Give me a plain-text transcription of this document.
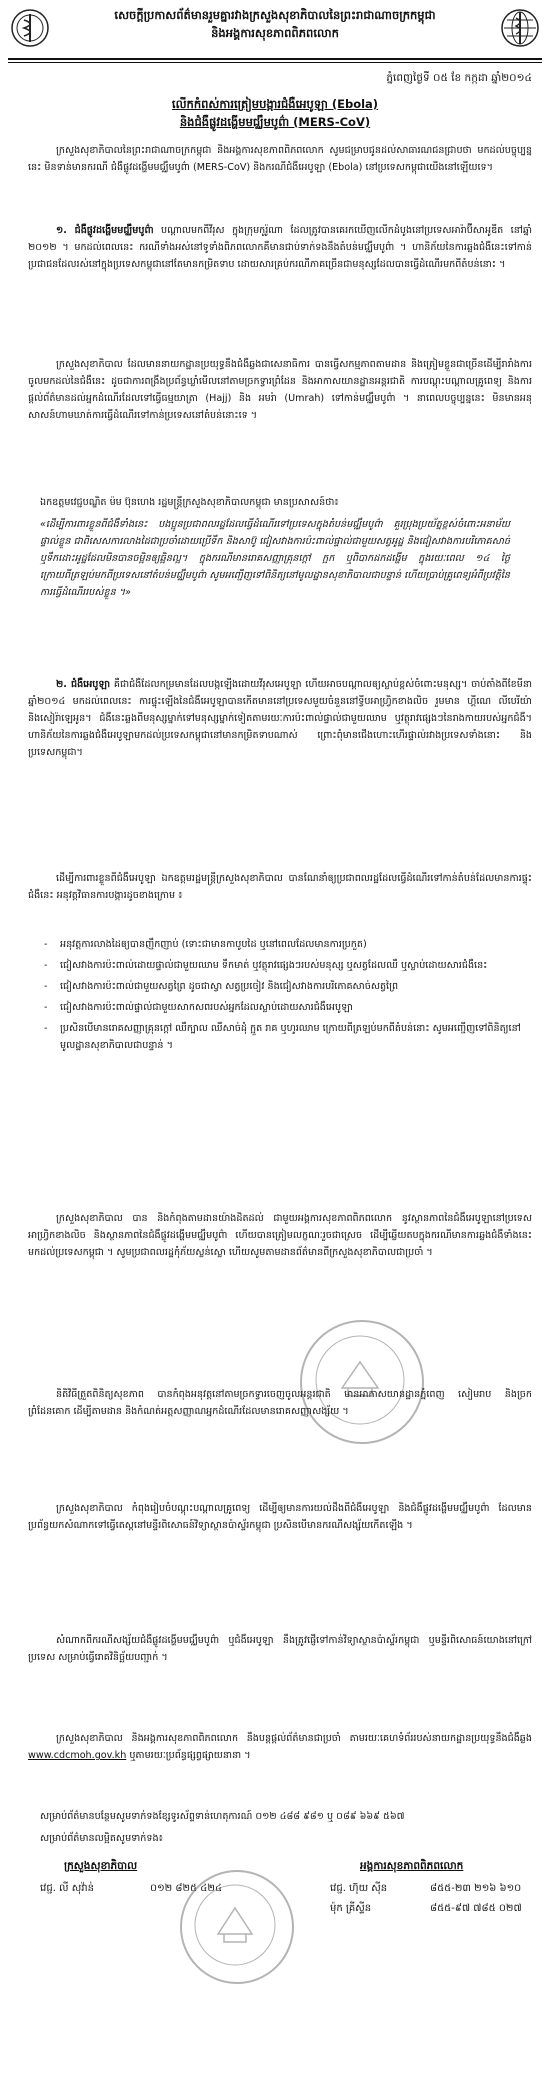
សេចក្ដីប្រកាសព័ត៌មានរួមគ្នារវាងក្រសួងសុខាភិបាលនៃព្រះរាជាណាចក្រកម្ពុជា
និងអង្គការសុខភាពពិភពលោក
ភ្នំពេញថ្ងៃទី ០៥ ខែ កក្កដា ឆ្នាំ២០១៤
លើកកំពស់ការត្រៀមបង្ការជំងឺអេបូឡា (Ebola)
និងជំងឺផ្លូវដង្ហើមមជ្ឈឹមបូព៌ា (MERS-CoV)
ក្រសួងសុខាភិបាលនៃព្រះរាជាណាចក្រកម្ពុជា និងអង្គការសុខភាពពិភពលោក សូមជម្រាបជូនដល់សាធារណជនជ្រាបថា មកដល់បច្ចុប្បន្ននេះ មិនទាន់មានករណី ជំងឺផ្លូវដង្ហើមមជ្ឈឹមបូព៌ា (MERS-CoV) និងករណីជំងឺអេបូឡា (Ebola) នៅប្រទេសកម្ពុជាយើងនៅឡើយទេ។
១. ជំងឺផ្លូវដង្ហើមមជ្ឈឹមបូព៌ា បណ្ដាលមកពីវីរុស ក្នុងក្រុមកូរ៉ូណា ដែលត្រូវបានគេរកឃើញលើកដំបូងនៅប្រទេសអារ៉ាប៊ីសាអូឌីត នៅឆ្នាំ ២០១២ ។ មកដល់ពេលនេះ ករណីទាំងអស់នៅទូទាំងពិភពលោកគឺមានជាប់ទាក់ទងនឹងតំបន់មជ្ឈឹមបូព៌ា ។ ហានិភ័យនៃការឆ្លងជំងឺនេះទៅកាន់ប្រជាជនដែលរស់នៅក្នុងប្រទេសកម្ពុជានៅតែមានកម្រិតទាប ដោយសារគ្រប់ករណីភាគច្រើនជាមនុស្សដែលបានធ្វើដំណើរមកពីតំបន់នោះ ។
ក្រសួងសុខាភិបាល ដែលមាននាយកដ្ឋានប្រយុទ្ធនឹងជំងឺឆ្លងជាសេនាធិការ បានធ្វើសកម្មភាពតាមដាន និងត្រៀមខ្លួនជាច្រើនដើម្បីរារាំងការចូលមកដល់នៃជំងឺនេះ ដូចជាការពង្រឹងប្រព័ន្ធឃ្លាំមើលនៅតាមច្រកទ្វារព្រំដែន និងអាកាសយានដ្ឋានអន្តរជាតិ ការបណ្ដុះបណ្ដាលគ្រូពេទ្យ និងការផ្ដល់ព័ត៌មានដល់អ្នកដំណើរដែលទៅធ្វើធម្មយាត្រា (Hajj) និង អមរ៉ា (Umrah) ទៅកាន់មជ្ឈឹមបូព៌ា ។ នាពេលបច្ចុប្បន្ននេះ មិនមានអនុសាសន៍ហាមឃាត់ការធ្វើដំណើរទៅកាន់ប្រទេសនៅតំបន់នោះទេ ។
ឯកឧត្តមវេជ្ជបណ្ឌិត ម៉ម ប៊ុនហេង រដ្ឋមន្ត្រីក្រសួងសុខាភិបាលកម្ពុជា មានប្រសាសន៍ថា៖
«ដើម្បីការពារខ្លួនពីជំងឺទាំងនេះ បងប្អូនប្រជាពលរដ្ឋដែលធ្វើដំណើរទៅប្រទេសក្នុងតំបន់មជ្ឈឹមបូព៌ា គួរប្រុងប្រយ័ត្នខ្ពស់ចំពោះអនាម័យផ្ទាល់ខ្លួន ជាពិសេសការលាងដៃជាប្រចាំដោយប្រើទឹក និងសាប៊ូ ជៀសវាងការប៉ះពាល់ផ្ទាល់ជាមួយសត្វអូដ្ឋ និងជៀសវាងការបរិភោគសាច់ ឬទឹកដោះអូដ្ឋដែលមិនបានចម្អិនឲ្យឆ្អិនល្អ។ ក្នុងករណីមានរោគសញ្ញាគ្រុនក្ដៅ ក្អក ឬពិបាកដកដង្ហើម ក្នុងរយៈពេល ១៤ ថ្ងៃ ក្រោយពីត្រឡប់មកពីប្រទេសនៅតំបន់មជ្ឈឹមបូព៌ា សូមអញ្ជើញទៅពិនិត្យនៅមូលដ្ឋានសុខាភិបាលជាបន្ទាន់ ហើយប្រាប់គ្រូពេទ្យអំពីប្រវត្តិនៃការធ្វើដំណើររបស់ខ្លួន ។»
២. ជំងឺអេបូឡា គឺជាជំងឺដែលកម្រមានដែលបង្កឡើងដោយវីរុសអេបូឡា ហើយអាចបណ្ដាលឲ្យស្លាប់ខ្ពស់ចំពោះមនុស្ស។ ចាប់តាំងពីខែមីនា ឆ្នាំ២០១៤ មកដល់ពេលនេះ ការផ្ទុះឡើងនៃជំងឺអេបូឡាបានកើតមាននៅប្រទេសមួយចំនួននៅទ្វីបអាហ្វ្រិកខាងលិច រួមមាន ហ្គីណេ លីបេរីយ៉ា និងសៀរ៉ាឡេអូន។ ជំងឺនេះឆ្លងពីមនុស្សម្នាក់ទៅមនុស្សម្នាក់ទៀតតាមរយៈការប៉ះពាល់ផ្ទាល់ជាមួយឈាម ឬវត្ថុរាវផ្សេងៗនៃរាងកាយរបស់អ្នកជំងឺ។ ហានិភ័យនៃការឆ្លងជំងឺអេបូឡាមកដល់ប្រទេសកម្ពុជានៅមានកម្រិតទាបណាស់ ព្រោះពុំមានជើងហោះហើរផ្ទាល់រវាងប្រទេសទាំងនោះ និងប្រទេសកម្ពុជា។
ដើម្បីការពារខ្លួនពីជំងឺអេបូឡា ឯកឧត្តមរដ្ឋមន្ត្រីក្រសួងសុខាភិបាល បានណែនាំឲ្យប្រជាពលរដ្ឋដែលធ្វើដំណើរទៅកាន់តំបន់ដែលមានការផ្ទុះជំងឺនេះ អនុវត្តវិធានការបង្ការដូចខាងក្រោម ៖
- អនុវត្តការលាងដៃឲ្យបានញឹកញាប់ (ទោះជាមានកាបូបដៃ ឬនៅពេលដែលមានការប្រកួត)
- ជៀសវាងការប៉ះពាល់ដោយផ្ទាល់ជាមួយឈាម ទឹកមាត់ ឬវត្ថុរាវផ្សេងៗរបស់មនុស្ស ឬសត្វដែលឈឺ ឬស្លាប់ដោយសារជំងឺនេះ
- ជៀសវាងការប៉ះពាល់ជាមួយសត្វព្រៃ ដូចជាស្វា សត្វប្រចៀវ និងជៀសវាងការបរិភោគសាច់សត្វព្រៃ
- ជៀសវាងការប៉ះពាល់ផ្ទាល់ជាមួយសាកសពរបស់អ្នកដែលស្លាប់ដោយសារជំងឺអេបូឡា
- ប្រសិនបើមានរោគសញ្ញាគ្រុនក្ដៅ ឈឺក្បាល ឈឺសាច់ដុំ ក្អួត រាគ ឬហូរឈាម ក្រោយពីត្រឡប់មកពីតំបន់នោះ សូមអញ្ជើញទៅពិនិត្យនៅមូលដ្ឋានសុខាភិបាលជាបន្ទាន់ ។
ក្រសួងសុខាភិបាល បាន និងកំពុងតាមដានយ៉ាងដិតដល់ ជាមួយអង្គការសុខភាពពិភពលោក នូវស្ថានភាពនៃជំងឺអេបូឡានៅប្រទេសអាហ្វ្រិកខាងលិច និងស្ថានភាពនៃជំងឺផ្លូវដង្ហើមមជ្ឈឹមបូព៌ា ហើយបានត្រៀមលក្ខណៈរួចជាស្រេច ដើម្បីឆ្លើយតបក្នុងករណីមានការឆ្លងជំងឺទាំងនេះមកដល់ប្រទេសកម្ពុជា ។ សូមប្រជាពលរដ្ឋកុំភ័យស្លន់ស្លោ ហើយសូមតាមដានព័ត៌មានពីក្រសួងសុខាភិបាលជាប្រចាំ ។
និតិវិធីត្រួតពិនិត្យសុខភាព បានកំពុងអនុវត្តនៅតាមច្រកទ្វារចេញចូលអន្តរជាតិ មានអាកាសយានដ្ឋានភ្នំពេញ សៀមរាប និងច្រកព្រំដែនគោក ដើម្បីតាមដាន និងកំណត់អត្តសញ្ញាណអ្នកដំណើរដែលមានរោគសញ្ញាសង្ស័យ ។
ក្រសួងសុខាភិបាល កំពុងរៀបចំបណ្ដុះបណ្ដាលគ្រូពេទ្យ ដើម្បីឲ្យមានការយល់ដឹងពីជំងឺអេបូឡា និងជំងឺផ្លូវដង្ហើមមជ្ឈឹមបូព៌ា ដែលមានប្រព័ន្ធយកសំណាកទៅធ្វើតេស្តនៅមន្ទីរពិសោធន៍វិទ្យាស្ថានប៉ាស្ទ័រកម្ពុជា ប្រសិនបើមានករណីសង្ស័យកើតឡើង ។
សំណាកពីករណីសង្ស័យជំងឺផ្លូវដង្ហើមមជ្ឈឹមបូព៌ា ឬជំងឺអេបូឡា នឹងត្រូវផ្ញើទៅកាន់វិទ្យាស្ថានប៉ាស្ទ័រកម្ពុជា ឬមន្ទីរពិសោធន៍យោងនៅក្រៅប្រទេស សម្រាប់ធ្វើរោគវិនិច្ឆ័យបញ្ជាក់ ។
ក្រសួងសុខាភិបាល និងអង្គការសុខភាពពិភពលោក នឹងបន្តផ្ដល់ព័ត៌មានជាប្រចាំ តាមរយៈគេហទំព័ររបស់នាយកដ្ឋានប្រយុទ្ធនឹងជំងឺឆ្លង www.cdcmoh.gov.kh ឬតាមរយៈប្រព័ន្ធផ្សព្វផ្សាយនានា ។
សម្រាប់ព័ត៌មានបន្ថែមសូមទាក់ទងខ្សែទូរស័ព្ទទាន់ហេតុការណ៍ ០១២ ៤៨៨ ៩៨១ ឬ ០៨៩ ៦៦៩ ៥៦៧
សម្រាប់ព័ត៌មានលម្អិតសូមទាក់ទង៖
ក្រសួងសុខាភិបាល
វេជ្ជ. លី សុវ៉ាន់	០១២ ៨២៥ ៤២៤
អង្គការសុខភាពពិភពលោក
វេជ្ជ. ហ៊ុយ ស៊ីន	៨៥៥-២៣ ២១៦ ៦១០
ម៉ុក គ្រីស្ទីន	៨៥៥-៩៧ ៧៨៥ ០២៧
